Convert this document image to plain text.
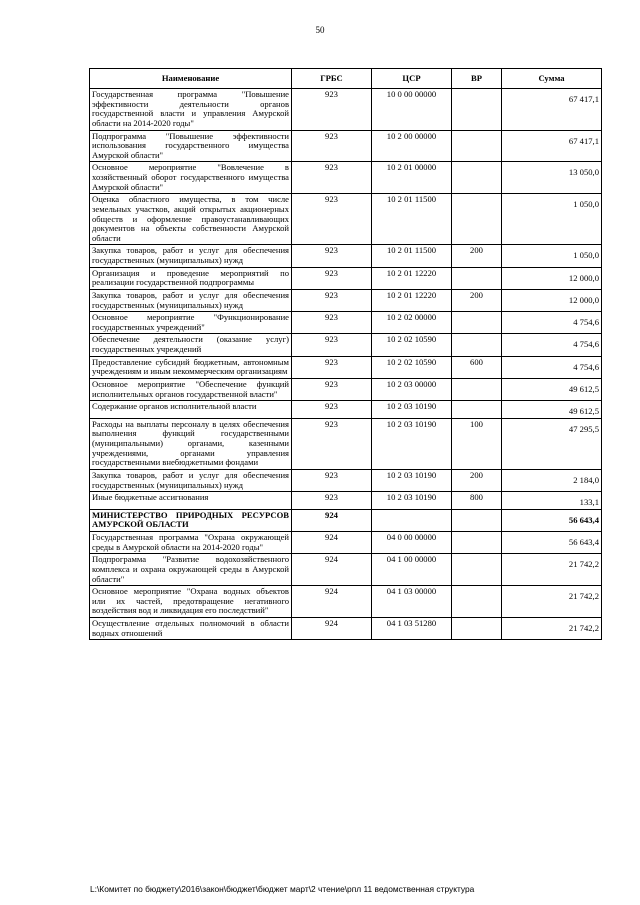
50
Наименование	ГРБС	ЦСР	ВР	Сумма
Государственная программа "Повышение эффективности деятельности органов государственной власти и управления Амурской области на 2014-2020 годы"	923	10 0 00 00000		67 417,1
Подпрограмма "Повышение эффективности использования государственного имущества Амурской области"	923	10 2 00 00000		67 417,1
Основное мероприятие "Вовлечение в хозяйственный оборот государственного имущества Амурской области"	923	10 2 01 00000		13 050,0
Оценка областного имущества, в том числе земельных участков, акций открытых акционерных обществ и оформление правоустанавливающих документов на объекты собственности Амурской области	923	10 2 01 11500		1 050,0
Закупка товаров, работ и услуг для обеспечения государственных (муниципальных) нужд	923	10 2 01 11500	200	1 050,0
Организация и проведение мероприятий по реализации государственной подпрограммы	923	10 2 01 12220		12 000,0
Закупка товаров, работ и услуг для обеспечения государственных (муниципальных) нужд	923	10 2 01 12220	200	12 000,0
Основное мероприятие "Функционирование государственных учреждений"	923	10 2 02 00000		4 754,6
Обеспечение деятельности (оказание услуг) государственных учреждений	923	10 2 02 10590		4 754,6
Предоставление субсидий бюджетным, автономным учреждениям и иным некоммерческим организациям	923	10 2 02 10590	600	4 754,6
Основное мероприятие "Обеспечение функций исполнительных органов государственной власти"	923	10 2 03 00000		49 612,5
Содержание органов исполнительной власти	923	10 2 03 10190		49 612,5
Расходы на выплаты персоналу в целях обеспечения выполнения функций государственными (муниципальными) органами, казенными учреждениями, органами управления государственными внебюджетными фондами	923	10 2 03 10190	100	47 295,5
Закупка товаров, работ и услуг для обеспечения государственных (муниципальных) нужд	923	10 2 03 10190	200	2 184,0
Иные бюджетные ассигнования	923	10 2 03 10190	800	133,1
МИНИСТЕРСТВО ПРИРОДНЫХ РЕСУРСОВ АМУРСКОЙ ОБЛАСТИ	924			56 643,4
Государственная программа "Охрана окружающей среды в Амурской области на 2014-2020 годы"	924	04 0 00 00000		56 643,4
Подпрограмма "Развитие водохозяйственного комплекса и охрана окружающей среды в Амурской области"	924	04 1 00 00000		21 742,2
Основное мероприятие "Охрана водных объектов или их частей, предотвращение негативного воздействия вод и ликвидация его последствий"	924	04 1 03 00000		21 742,2
Осуществление отдельных полномочий в области водных отношений	924	04 1 03 51280		21 742,2
L:\Комитет по бюджету\2016\закон\бюджет\бюджет март\2 чтение\рпл 11 ведомственная структура
